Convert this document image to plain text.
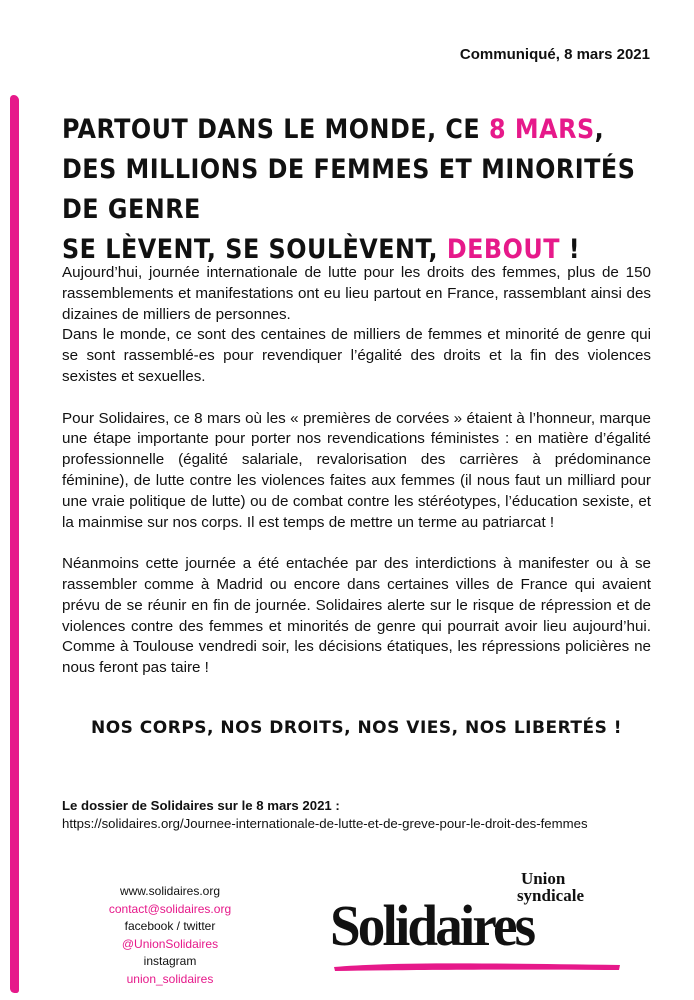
Communiqué, 8 mars 2021
PARTOUT DANS LE MONDE, CE 8 MARS,
DES MILLIONS DE FEMMES ET MINORITÉS DE GENRE
SE LÈVENT, SE SOULÈVENT, DEBOUT !

Aujourd’hui, journée internationale de lutte pour les droits des femmes, plus de 150 rassemblements et manifestations ont eu lieu partout en France, rassemblant ainsi des dizaines de milliers de personnes.
Dans le monde, ce sont des centaines de milliers de femmes et minorité de genre qui se sont rassemblé-es pour revendiquer l’égalité des droits et la fin des violences sexistes et sexuelles.

Pour Solidaires, ce 8 mars où les « premières de corvées » étaient à l’honneur, marque une étape importante pour porter nos revendications féministes : en matière d’égalité professionnelle (égalité salariale, revalorisation des carrières à prédominance féminine), de lutte contre les violences faites aux femmes (il nous faut un milliard pour une vraie politique de lutte) ou de combat contre les stéréotypes, l’éducation sexiste, et la mainmise sur nos corps. Il est temps de mettre un terme au patriarcat !

Néanmoins cette journée a été entachée par des interdictions à manifester ou à se rassembler comme à Madrid ou encore dans certaines villes de France qui avaient prévu de se réunir en fin de journée. Solidaires alerte sur le risque de répression et de violences contre des femmes et minorités de genre qui pourrait avoir lieu aujourd’hui. Comme à Toulouse vendredi soir, les décisions étatiques, les répressions policières ne nous feront pas taire !

NOS CORPS, NOS DROITS, NOS VIES, NOS LIBERTÉS !
Le dossier de Solidaires sur le 8 mars 2021 :
https://solidaires.org/Journee-internationale-de-lutte-et-de-greve-pour-le-droit-des-femmes
www.solidaires.org
contact@solidaires.org
facebook / twitter
@UnionSolidaires
instagram
union_solidaires
Union
syndicale
Solidaires
